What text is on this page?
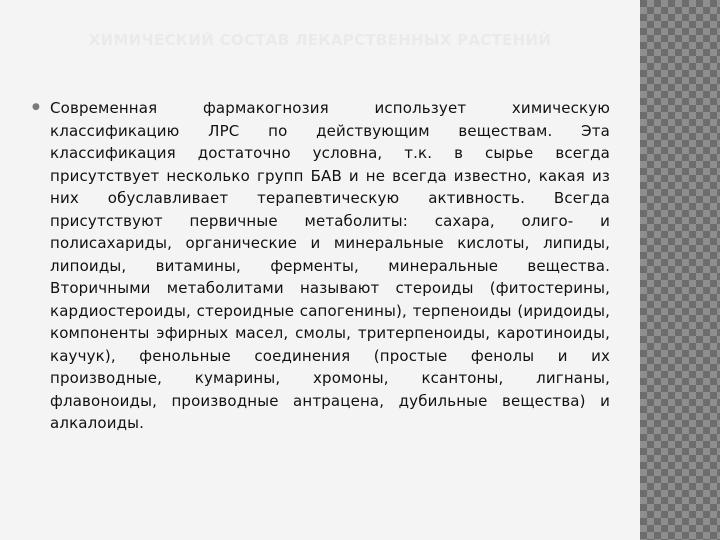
ХИМИЧЕСКИЙ СОСТАВ ЛЕКАРСТВЕННЫХ РАСТЕНИЙ
● Современная фармакогнозия использует химическую классификацию ЛРС по действующим веществам. Эта классификация достаточно условна, т.к. в сырье всегда присутствует несколько групп БАВ и не всегда известно, какая из них обуславливает терапевтическую активность. Всегда присутствуют первичные метаболиты: сахара, олиго- и полисахариды, органические и минеральные кислоты, липиды, липоиды, витамины, ферменты, минеральные вещества. Вторичными метаболитами называют стероиды (фитостерины, кардиостероиды, стероидные сапогенины), терпеноиды (иридоиды, компоненты эфирных масел, смолы, тритерпеноиды, каротиноиды, каучук), фенольные соединения (простые фенолы и их производные, кумарины, хромоны, ксантоны, лигнаны, флавоноиды, производные антрацена, дубильные вещества) и алкалоиды.
